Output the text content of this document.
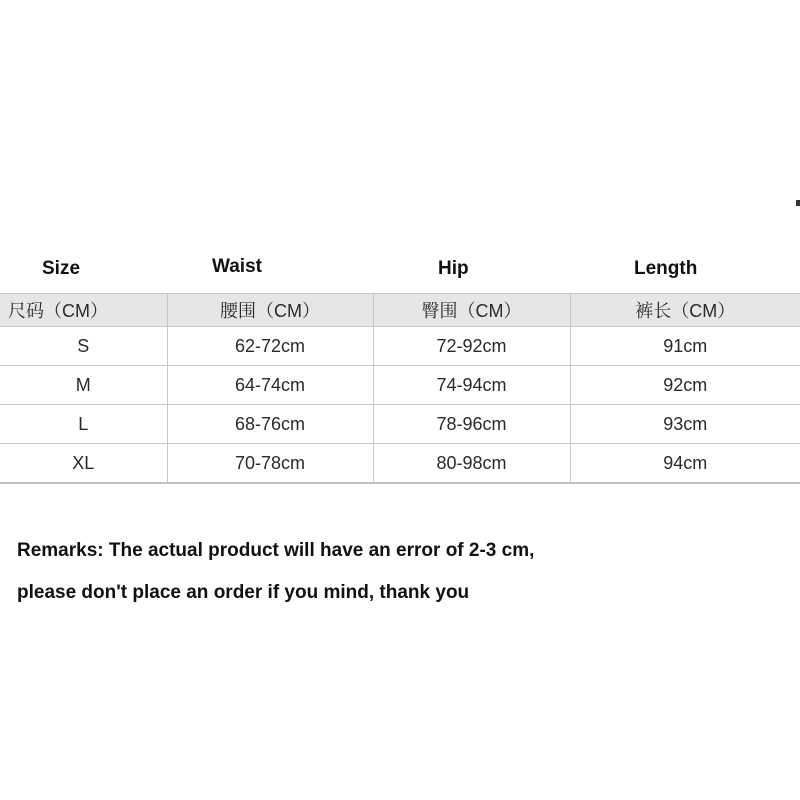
Size	Waist	Hip	Length
尺码（CM）	腰围（CM）	臀围（CM）	裤长（CM）
S	62-72cm	72-92cm	91cm
M	64-74cm	74-94cm	92cm
L	68-76cm	78-96cm	93cm
XL	70-78cm	80-98cm	94cm
Remarks: The actual product will have an error of 2-3 cm,
please don't place an order if you mind, thank you
